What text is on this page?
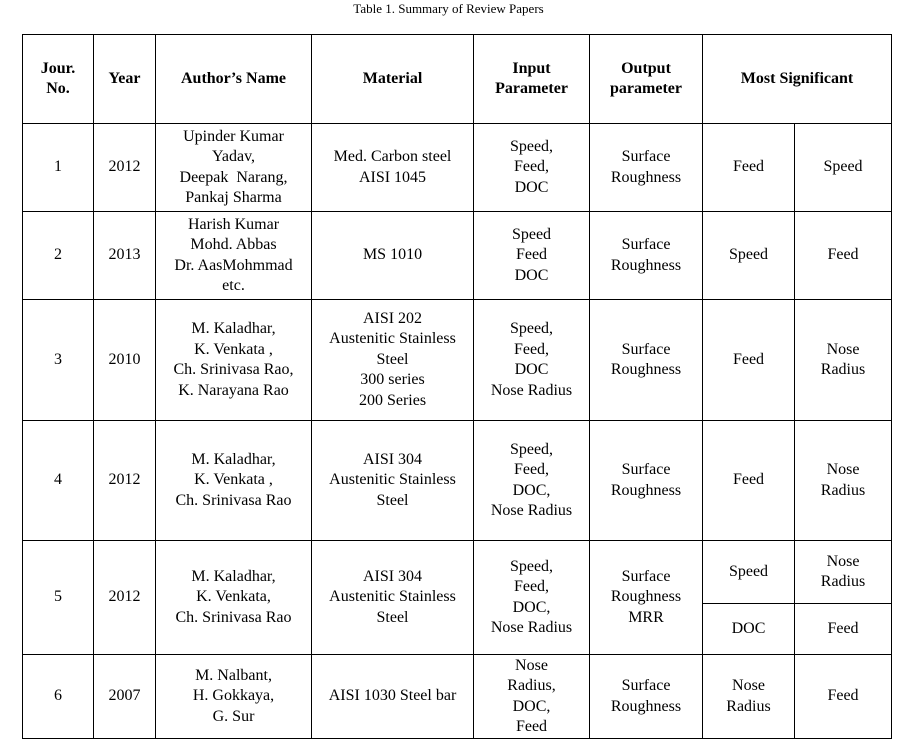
Table 1. Summary of Review Papers
Jour.
No.	Year	Author’s Name	Material	Input
Parameter	Output
parameter	Most Significant	

1	2012	Upinder Kumar
Yadav,
Deepak  Narang,
Pankaj Sharma	Med. Carbon steel
AISI 1045	Speed,
Feed,
DOC	Surface
Roughness	Feed	Speed

2	2013	Harish Kumar
Mohd. Abbas
Dr. AasMohmmad
etc.	MS 1010	Speed
Feed
DOC	Surface
Roughness	Speed	Feed

3	2010	M. Kaladhar,
K. Venkata ,
Ch. Srinivasa Rao,
K. Narayana Rao	AISI 202
Austenitic Stainless
Steel
300 series
200 Series	Speed,
Feed,
DOC
Nose Radius	Surface
Roughness	Feed	Nose
Radius

4	2012	M. Kaladhar,
K. Venkata ,
Ch. Srinivasa Rao	AISI 304
Austenitic Stainless
Steel	Speed,
Feed,
DOC,
Nose Radius	Surface
Roughness	Feed	Nose
Radius

5	2012	M. Kaladhar,
K. Venkata,
Ch. Srinivasa Rao	AISI 304
Austenitic Stainless
Steel	Speed,
Feed,
DOC,
Nose Radius	Surface
Roughness
MRR	Speed	Nose
Radius

						DOC	Feed

6	2007	M. Nalbant,
H. Gokkaya,
G. Sur	AISI 1030 Steel bar	Nose
Radius,
DOC,
Feed	Surface
Roughness	Nose
Radius	Feed
